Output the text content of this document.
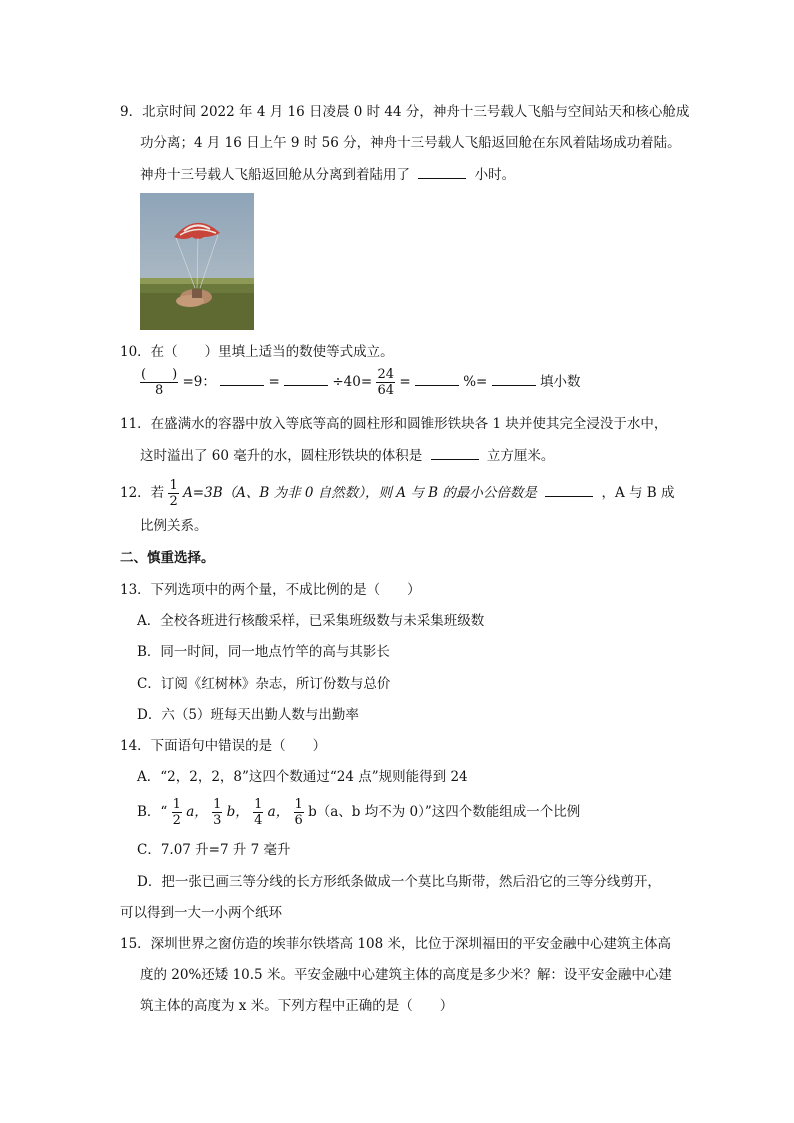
9．北京时间 2022 年 4 月 16 日凌晨 0 时 44 分，神舟十三号载人飞船与空间站天和核心舱成
功分离；4 月 16 日上午 9 时 56 分，神舟十三号载人飞船返回舱在东风着陆场成功着陆。
神舟十三号载人飞船返回舱从分离到着陆用了	小时。
10．在（　　）里填上适当的数使等式成立。
$\frac{( )}{8} =9$：	=	$\div 40= \frac{24}{64}$ =	%=	填小数
11．在盛满水的容器中放入等底等高的圆柱形和圆锥形铁块各 1 块并使其完全浸没于水中，
这时溢出了 60 毫升的水，圆柱形铁块的体积是	立方厘米。
12．若 $\frac{1}{2} A=3B(A$、B 为非 0 自然数），则 A 与 B 的最小公倍数是	，A 与 B 成
比例关系。
二、慎重选择。
13．下列选项中的两个量，不成比例的是（　　）
A．全校各班进行核酸采样，已采集班级数与未采集班级数
B．同一时间，同一地点竹竿的高与其影长
C．订阅《红树林》杂志，所订份数与总价
D．六（5）班每天出勤人数与出勤率
14．下面语句中错误的是（　　）
A．“2，2，2，8”这四个数通过“24 点”规则能得到 24
B．“ $\frac{1}{2}$ a， $\frac{1}{3}$ b， $\frac{1}{4}$ a， $\frac{1}{6} b(a$、b 均不为 0）”这四个数能组成一个比例
C．7.07 升=7 升 7 毫升
D．把一张已画三等分线的长方形纸条做成一个莫比乌斯带，然后沿它的三等分线剪开，
可以得到一大一小两个纸环
15．深圳世界之窗仿造的埃菲尔铁塔高 108 米，比位于深圳福田的平安金融中心建筑主体高
度的 20%还矮 10.5 米。平安金融中心建筑主体的高度是多少米？解：设平安金融中心建
筑主体的高度为 x 米。下列方程中正确的是（　　）
